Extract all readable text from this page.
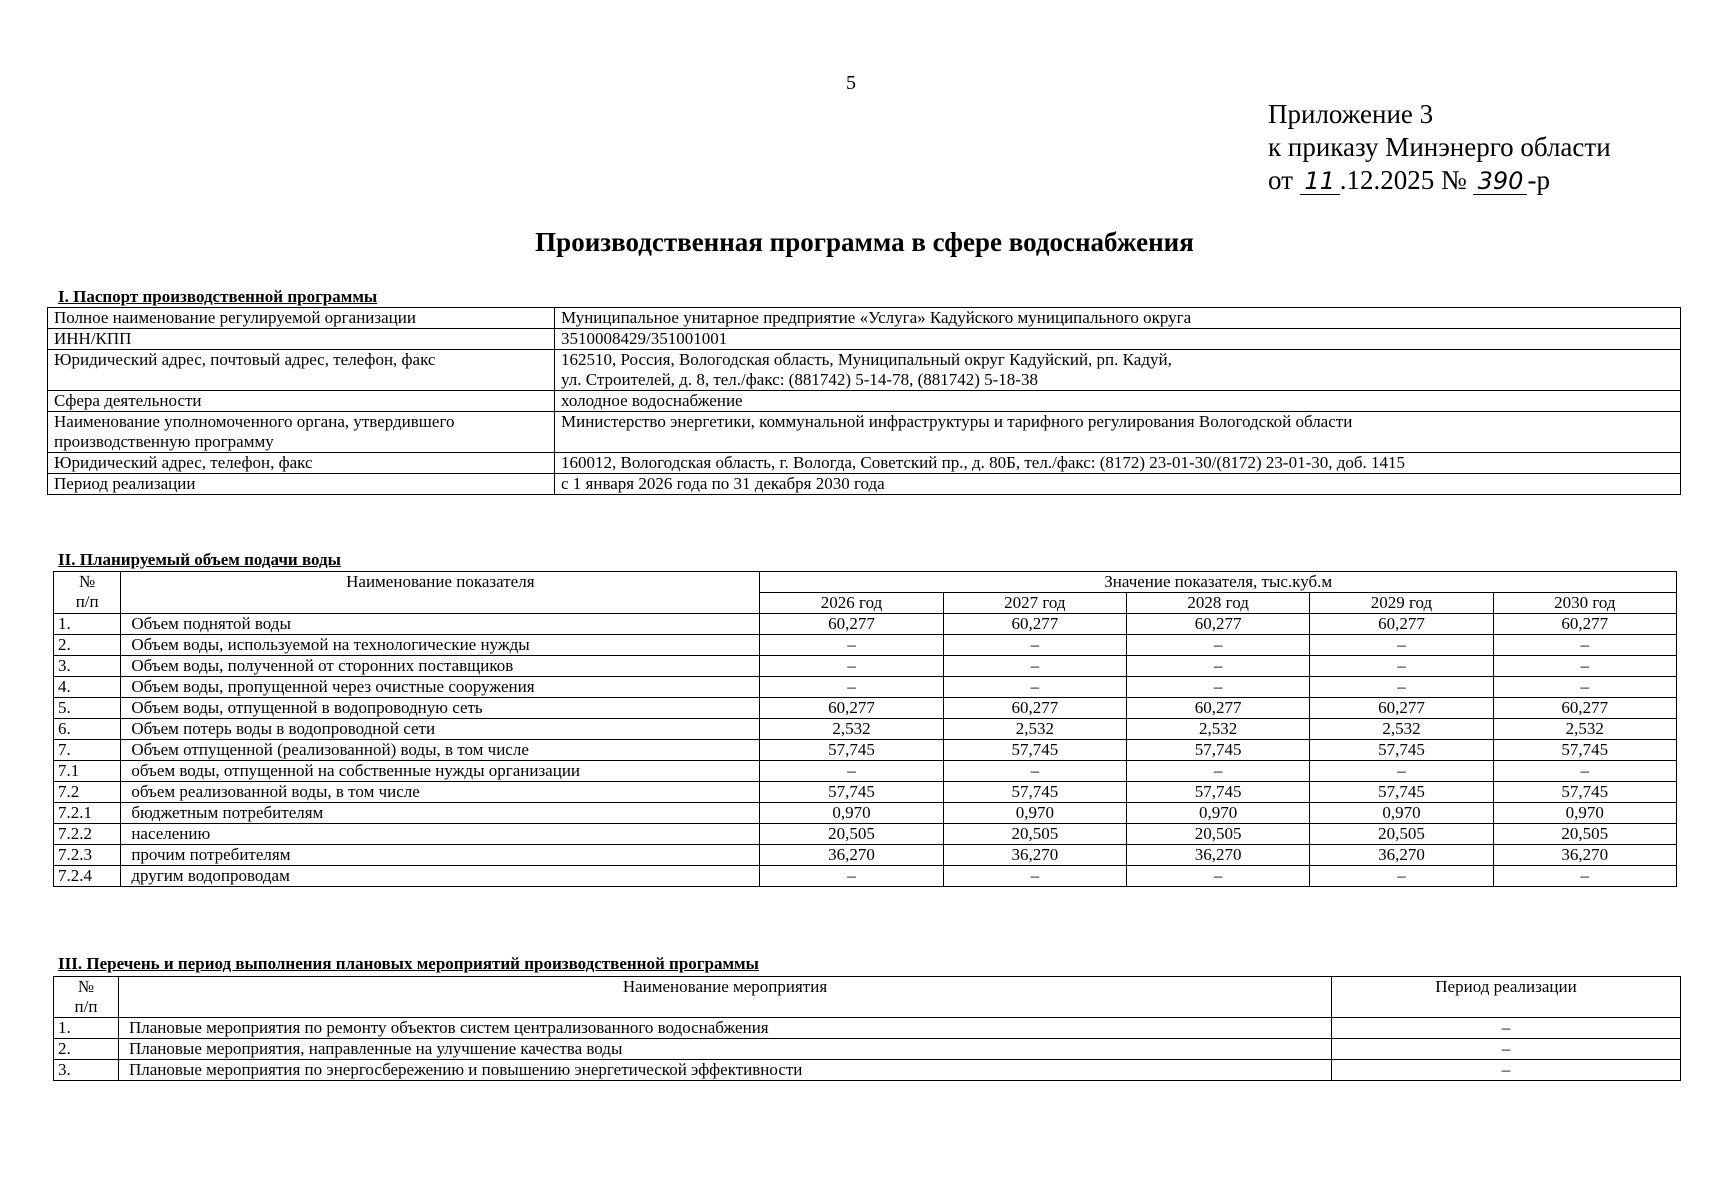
5
Приложение 3
к приказу Минэнерго области
от 11 .12.2025 № 390 -р
Производственная программа в сфере водоснабжения
I. Паспорт производственной программы
Полное наименование регулируемой организации	Муниципальное унитарное предприятие «Услуга» Кадуйского муниципального округа
ИНН/КПП	3510008429/351001001
Юридический адрес, почтовый адрес, телефон, факс	162510, Россия, Вологодская область, Муниципальный округ Кадуйский, рп. Кадуй,
ул. Строителей, д. 8, тел./факс: (881742) 5-14-78, (881742) 5-18-38

Сфера деятельности	холодное водоснабжение

Наименование уполномоченного органа, утвердившего
производственную программу	Министерство энергетики, коммунальной инфраструктуры и тарифного регулирования Вологодской области
Юридический адрес, телефон, факс	160012, Вологодская область, г. Вологда, Советский пр., д. 80Б, тел./факс: (8172) 23-01-30/(8172) 23-01-30, доб. 1415
Период реализации	с 1 января 2026 года по 31 декабря 2030 года
II. Планируемый объем подачи воды
№
п/п	Наименование показателя	Значение показателя, тыс.куб.м				
		2026 год	2027 год	2028 год	2029 год	2030 год
1.	Объем поднятой воды	60,277	60,277	60,277	60,277	60,277
2.	Объем воды, используемой на технологические нужды	–	–	–	–	–
3.	Объем воды, полученной от сторонних поставщиков	–	–	–	–	–
4.	Объем воды, пропущенной через очистные сооружения	–	–	–	–	–
5.	Объем воды, отпущенной в водопроводную сеть	60,277	60,277	60,277	60,277	60,277
6.	Объем потерь воды в водопроводной сети	2,532	2,532	2,532	2,532	2,532
7.	Объем отпущенной (реализованной) воды, в том числе	57,745	57,745	57,745	57,745	57,745
7.1	объем воды, отпущенной на собственные нужды организации	–	–	–	–	–
7.2	объем реализованной воды, в том числе	57,745	57,745	57,745	57,745	57,745
7.2.1	бюджетным потребителям	0,970	0,970	0,970	0,970	0,970
7.2.2	населению	20,505	20,505	20,505	20,505	20,505
7.2.3	прочим потребителям	36,270	36,270	36,270	36,270	36,270
7.2.4	другим водопроводам	–	–	–	–	–
III. Перечень и период выполнения плановых мероприятий производственной программы
№
п/п	Наименование мероприятия	Период реализации
1.	Плановые мероприятия по ремонту объектов систем централизованного водоснабжения	–
2.	Плановые мероприятия, направленные на улучшение качества воды	–
3.	Плановые мероприятия по энергосбережению и повышению энергетической эффективности	–
